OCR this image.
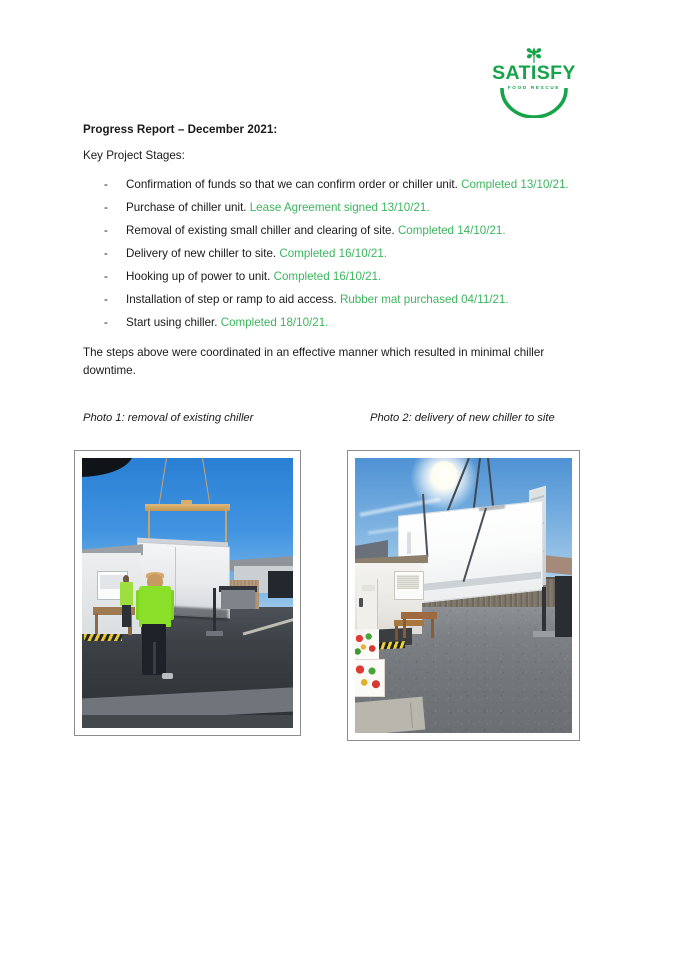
SATISFY
FOOD RESCUE
Progress Report – December 2021:
Key Project Stages:
- Confirmation of funds so that we can confirm order or chiller unit. Completed 13/10/21.
- Purchase of chiller unit. Lease Agreement signed 13/10/21.
- Removal of existing small chiller and clearing of site. Completed 14/10/21.
- Delivery of new chiller to site. Completed 16/10/21.
- Hooking up of power to unit. Completed 16/10/21.
- Installation of step or ramp to aid access. Rubber mat purchased 04/11/21.
- Start using chiller. Completed 18/10/21.
The steps above were coordinated in an effective manner which resulted in minimal chiller downtime.
Photo 1: removal of existing chiller	Photo 2: delivery of new chiller to site
